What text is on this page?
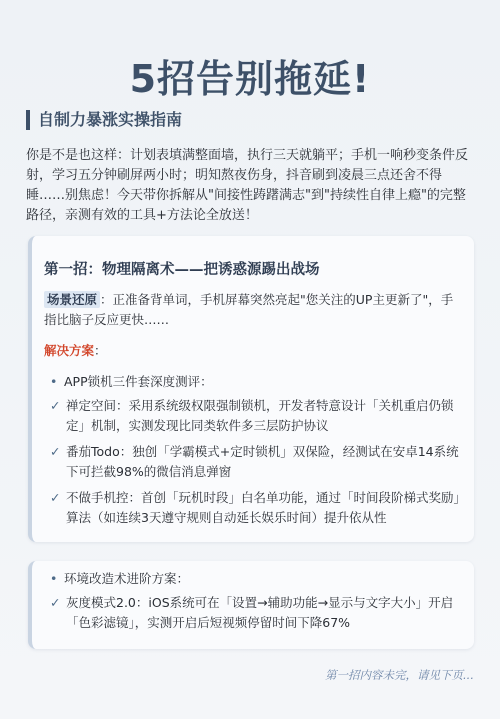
5招告别拖延!
自制力暴涨实操指南
你是不是也这样：计划表填满整面墙，执行三天就躺平；手机一响秒变条件反射，学习五分钟刷屏两小时；明知熬夜伤身，抖音刷到凌晨三点还舍不得睡……别焦虑！今天带你拆解从"间接性踌躇满志"到"持续性自律上瘾"的完整路径，亲测有效的工具+方法论全放送！
第一招：物理隔离术——把诱惑源踢出战场
场景还原 ：正准备背单词，手机屏幕突然亮起"您关注的UP主更新了"，手指比脑子反应更快……
解决方案：
• APP锁机三件套深度测评：
✓ 禅定空间：采用系统级权限强制锁机，开发者特意设计「关机重启仍锁定」机制，实测发现比同类软件多三层防护协议
✓ 番茄Todo：独创「学霸模式+定时锁机」双保险，经测试在安卓14系统下可拦截98%的微信消息弹窗
✓ 不做手机控：首创「玩机时段」白名单功能，通过「时间段阶梯式奖励」算法（如连续3天遵守规则自动延长娱乐时间）提升依从性
• 环境改造术进阶方案：
✓ 灰度模式2.0：iOS系统可在「设置→辅助功能→显示与文字大小」开启「色彩滤镜」，实测开启后短视频停留时间下降67%
第一招内容未完，请见下页...
